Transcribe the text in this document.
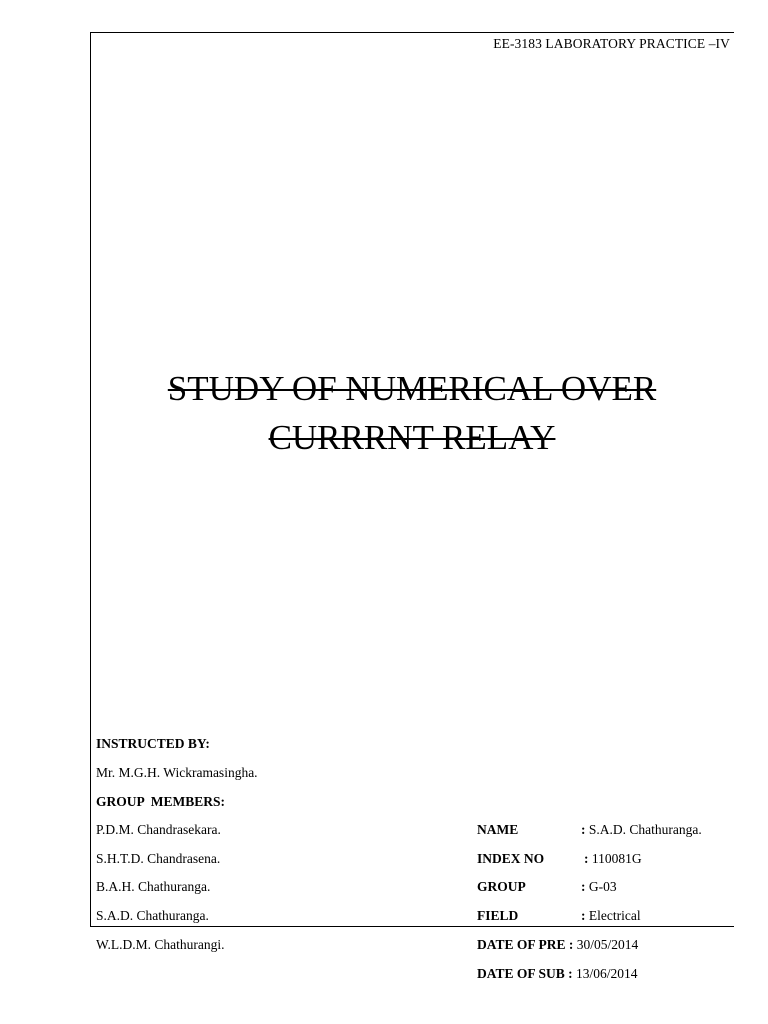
EE-3183 LABORATORY PRACTICE –IV
STUDY OF NUMERICAL OVER
CURRRNT RELAY
INSTRUCTED BY:
Mr. M.G.H. Wickramasingha.
GROUP  MEMBERS:
P.D.M. Chandrasekara.
S.H.T.D. Chandrasena.
B.A.H. Chathuranga.
S.A.D. Chathuranga.
W.L.D.M. Chathurangi.
NAME	: S.A.D. Chathuranga.
INDEX NO	: 110081G
GROUP	: G-03
FIELD	: Electrical
DATE OF PRE : 30/05/2014
DATE OF SUB : 13/06/2014
